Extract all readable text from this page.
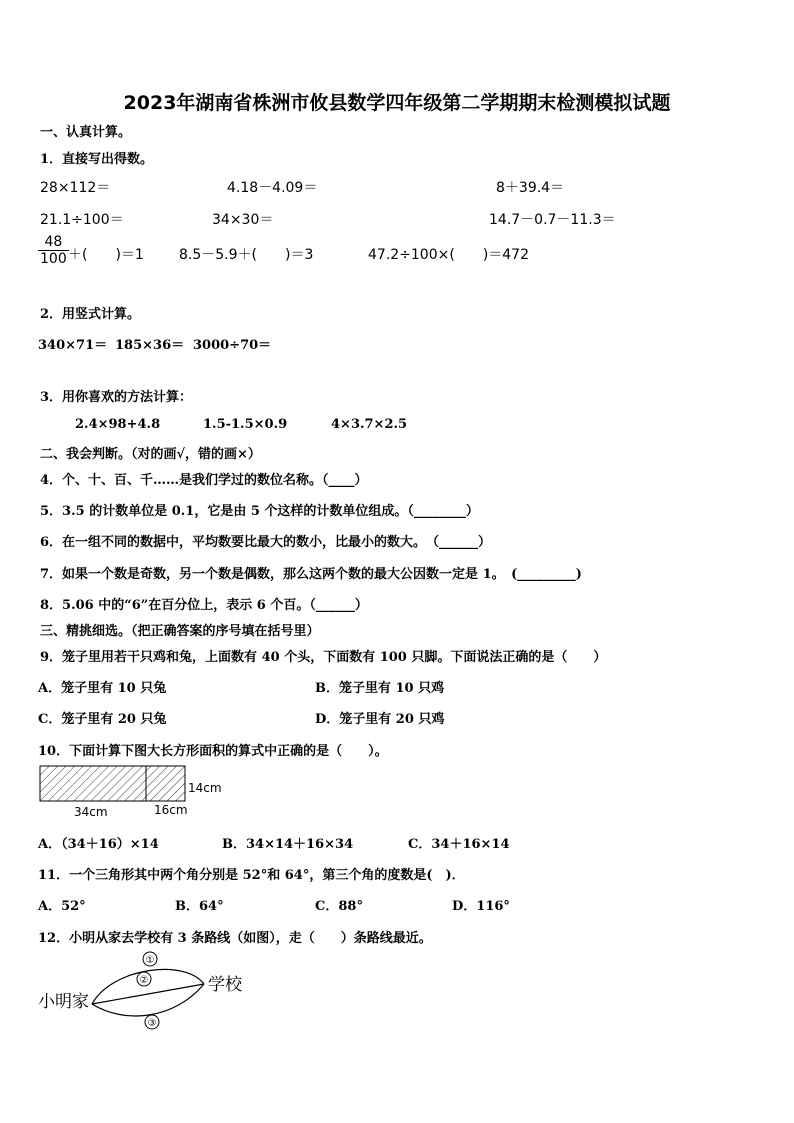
2023年湖南省株洲市攸县数学四年级第二学期期末检测模拟试题
一、认真计算。
1．直接写出得数。
28×112＝	4.18－4.09＝	8＋39.4＝
21.1÷100＝	34×30＝	14.7－0.7－11.3＝
$\frac{48}{100}$ ＋(　　)＝1	8.5－5.9＋(　　)＝3	47.2÷100×(　　)＝472
2．用竖式计算。
340×71＝ 185×36＝ 3000÷70＝
3．用你喜欢的方法计算：
2.4×98+4.8	1.5-1.5×0.9	4×3.7×2.5
二、我会判断。（对的画√，错的画×）
4．个、十、百、千……是我们学过的数位名称。（____）
5．3.5 的计数单位是 0.1，它是由 5 个这样的计数单位组成。（________）
6．在一组不同的数据中，平均数要比最大的数小，比最小的数大。　（______）
7．如果一个数是奇数，另一个数是偶数，那么这两个数的最大公因数一定是 1。　(_________)
8．5.06 中的“6”在百分位上，表示 6 个百。（______）
三、精挑细选。（把正确答案的序号填在括号里）
9．笼子里用若干只鸡和兔，上面数有 40 个头，下面数有 100 只脚。下面说法正确的是（　　）
A．笼子里有 10 只兔	B．笼子里有 10 只鸡
C．笼子里有 20 只兔	D．笼子里有 20 只鸡
10．下面计算下图大长方形面积的算式中正确的是（　　）。
14cm
34cm	16cm
A．（34＋16）×14	B．34×14＋16×34	C．34＋16×14
11．一个三角形其中两个角分别是 52°和 64°，第三个角的度数是(　)．
A．52°	B．64°	C．88°	D．116°
12．小明从家去学校有 3 条路线（如图），走（　　）条路线最近。
小明家
学校
①
②
③
